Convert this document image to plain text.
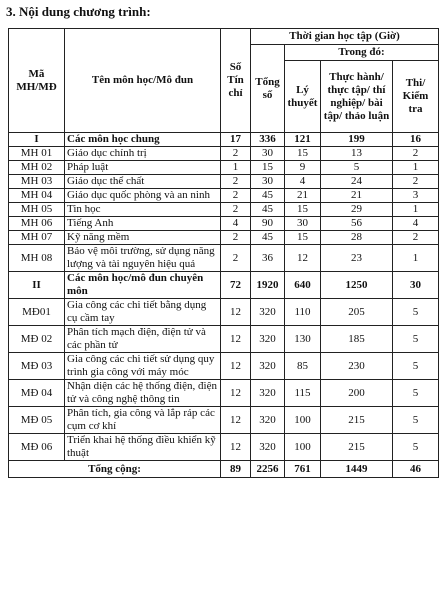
3. Nội dung chương trình:
Mã MH/MĐ	Tên môn học/Mô đun	Số Tín chỉ	Thời gian học tập (Giờ)			
			Tổng số	Trong đó:		
				Lý thuyết	Thực hành/ thực tập/ thí nghiệp/ bài tập/ thảo luận	Thi/ Kiểm tra
I	Các môn học chung	17	336	121	199	16
MH 01	Giáo dục chính trị	2	30	15	13	2
MH 02	Pháp luật	1	15	9	5	1
MH 03	Giáo dục thể chất	2	30	4	24	2
MH 04	Giáo dục quốc phòng và an ninh	2	45	21	21	3
MH 05	Tin học	2	45	15	29	1
MH 06	Tiếng Anh	4	90	30	56	4
MH 07	Kỹ năng mềm	2	45	15	28	2
MH 08	Bảo vệ môi trường, sử dụng năng lượng và tài nguyên hiệu quả	2	36	12	23	1
II	Các môn học/mô đun chuyên môn	72	1920	640	1250	30
MĐ01	Gia công các chi tiết bằng dụng cụ cầm tay	12	320	110	205	5
MĐ 02	Phân tích mạch điện, điện tử và các phần tử	12	320	130	185	5
MĐ 03	Gia công các chi tiết sử dụng quy trình gia công với máy móc	12	320	85	230	5
MĐ 04	Nhận diện các hệ thống điện, điện tử và công nghệ thông tin	12	320	115	200	5
MĐ 05	Phân tích, gia công và lắp ráp các cụm cơ khí	12	320	100	215	5
MĐ 06	Triển khai hệ thống điều khiển kỹ thuật	12	320	100	215	5
Tổng cộng:		89	2256	761	1449	46
